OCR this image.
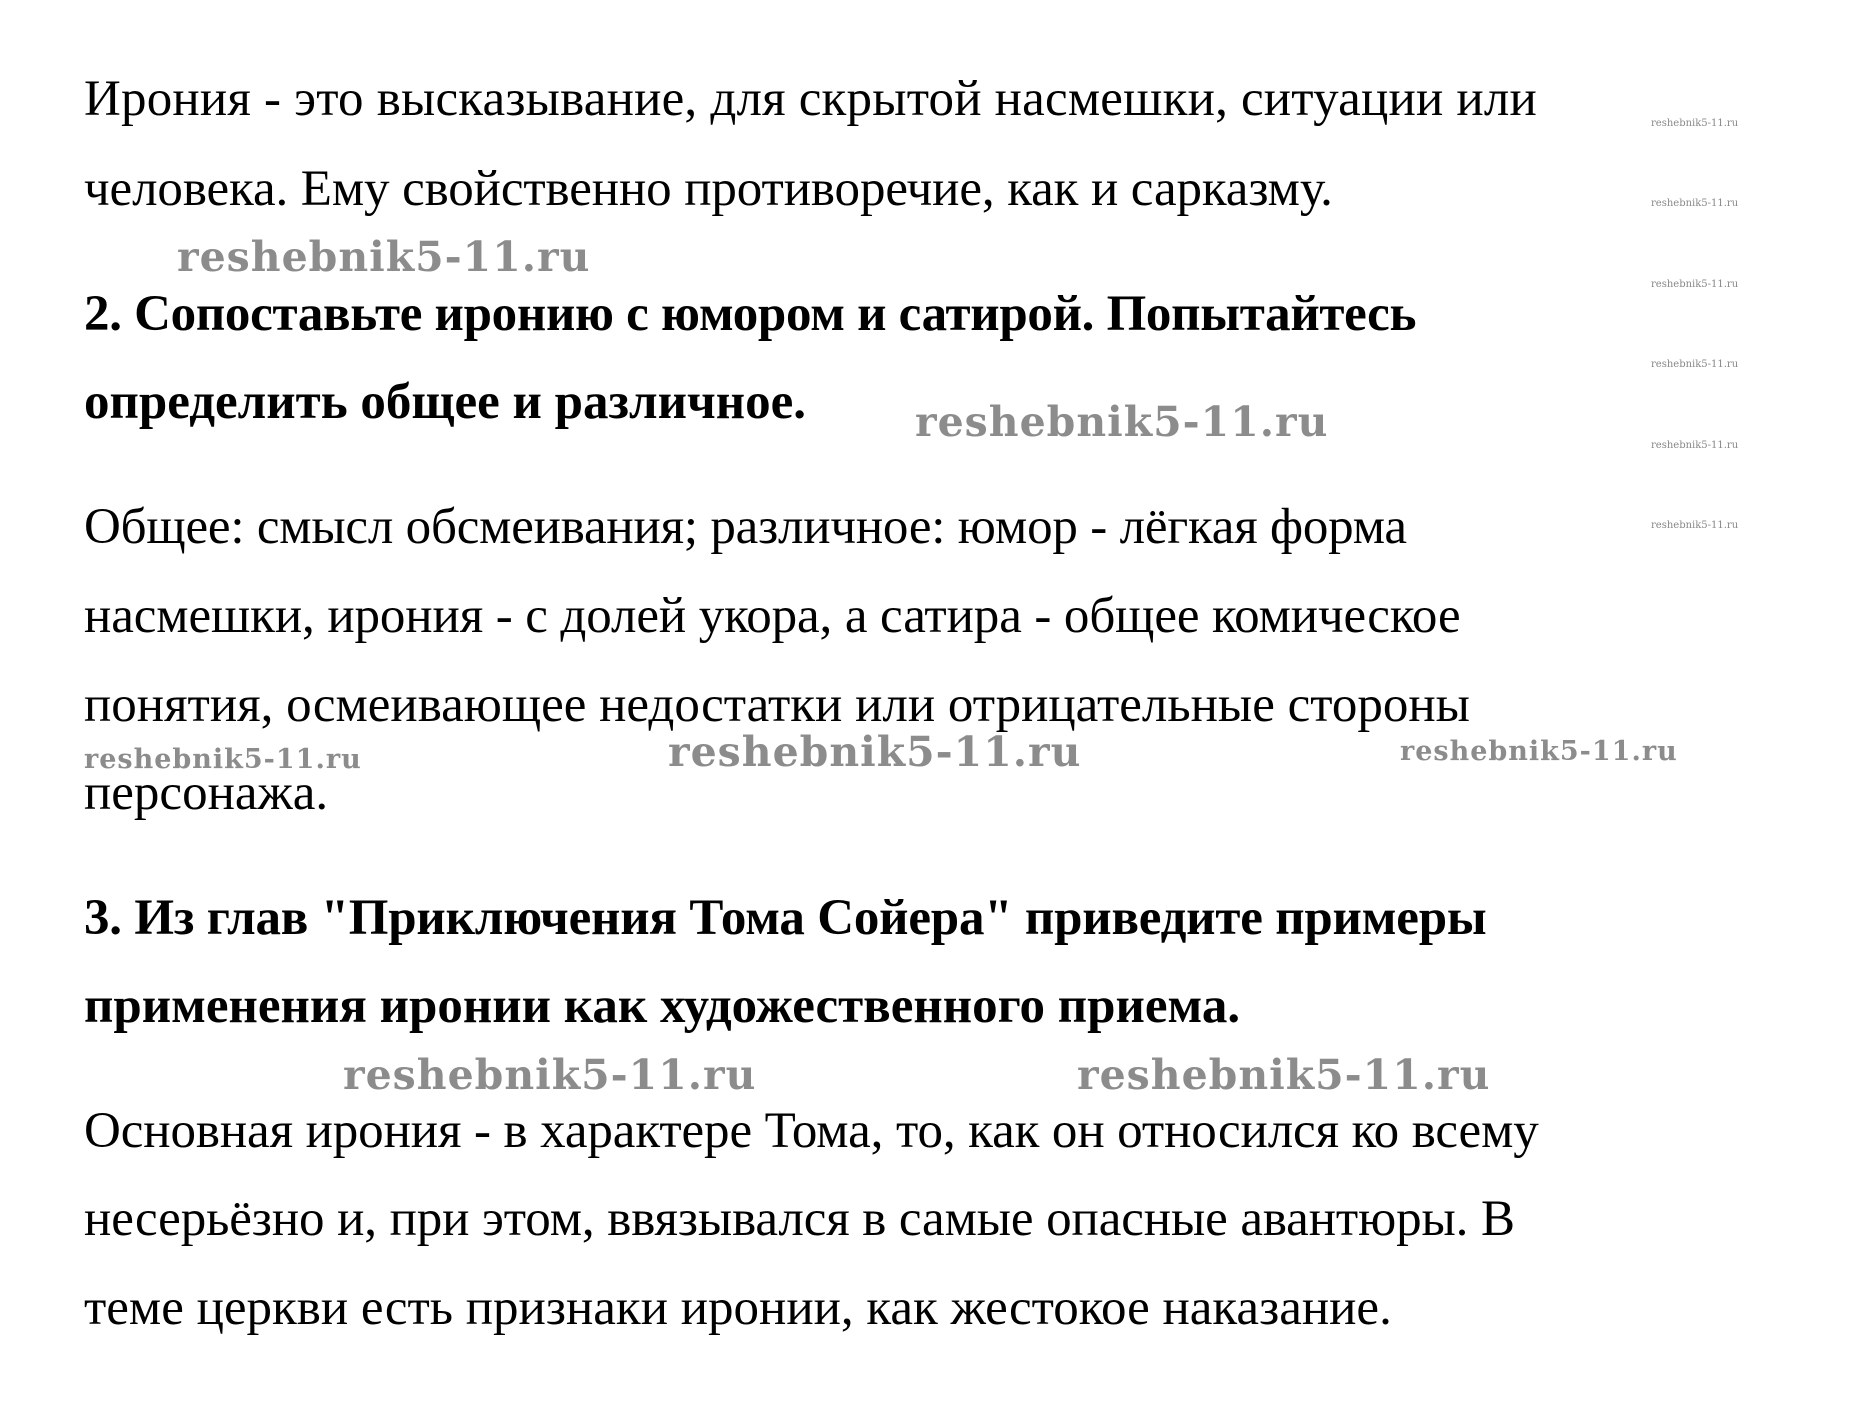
Ирония - это высказывание, для скрытой насмешки, ситуации или
человека. Ему свойственно противоречие, как и сарказму.
2. Сопоставьте иронию с юмором и сатирой. Попытайтесь
определить общее и различное.
Общее: смысл обсмеивания; различное: юмор - лёгкая форма
насмешки, ирония - с долей укора, а сатира - общее комическое
понятия, осмеивающее недостатки или отрицательные стороны
персонажа.
3. Из глав "Приключения Тома Сойера" приведите примеры
применения иронии как художественного приема.
Основная ирония - в характере Тома, то, как он относился ко всему
несерьёзно и, при этом, ввязывался в самые опасные авантюры. В
теме церкви есть признаки иронии, как жестокое наказание.
reshebnik5-11.ru
reshebnik5-11.ru
reshebnik5-11.ru
reshebnik5-11.ru	reshebnik5-11.ru
reshebnik5-11.ru	reshebnik5-11.ru
reshebnik5-11.ru
reshebnik5-11.ru
reshebnik5-11.ru
reshebnik5-11.ru
reshebnik5-11.ru
reshebnik5-11.ru
